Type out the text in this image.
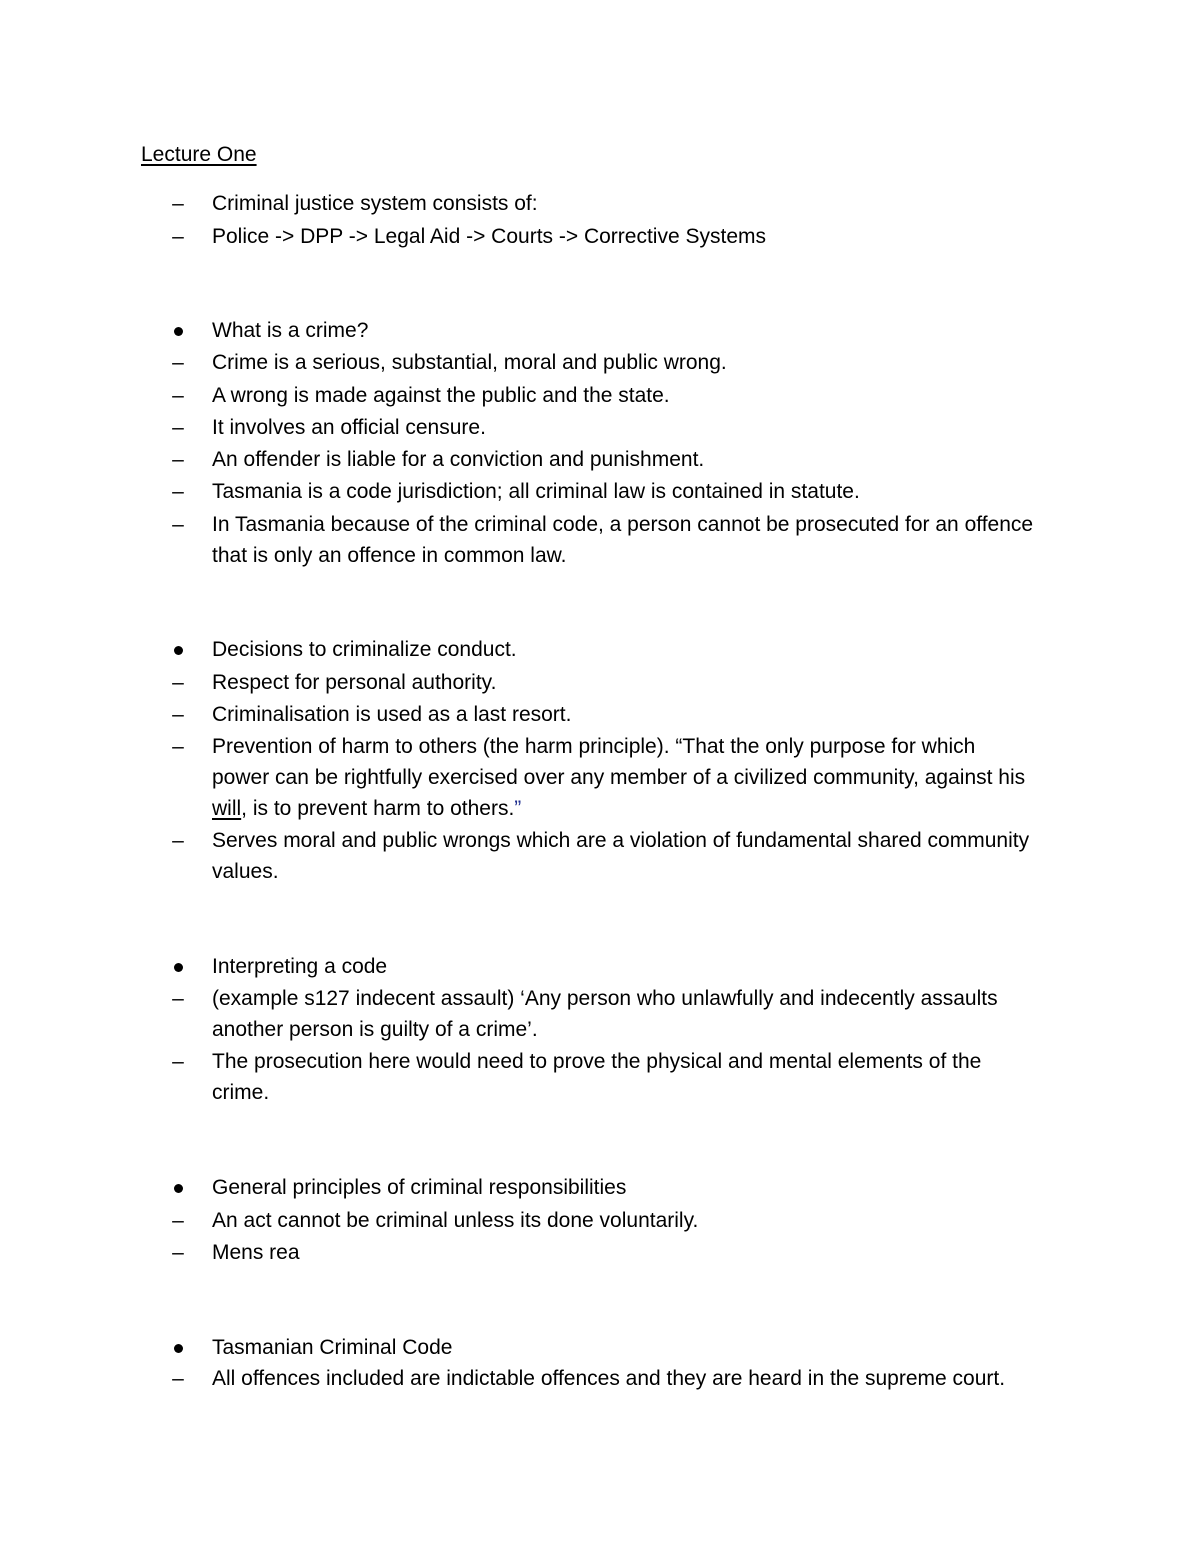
Lecture One
– Criminal justice system consists of:
– Police -> DPP -> Legal Aid -> Courts -> Corrective Systems
What is a crime?
– Crime is a serious, substantial, moral and public wrong.
– A wrong is made against the public and the state.
– It involves an official censure.
– An offender is liable for a conviction and punishment.
– Tasmania is a code jurisdiction; all criminal law is contained in statute.
– In Tasmania because of the criminal code, a person cannot be prosecuted for an offence
that is only an offence in common law.
Decisions to criminalize conduct.
– Respect for personal authority.
– Criminalisation is used as a last resort.
– Prevention of harm to others (the harm principle). “That the only purpose for which
power can be rightfully exercised over any member of a civilized community, against his
will, is to prevent harm to others.”
– Serves moral and public wrongs which are a violation of fundamental shared community
values.
Interpreting a code
– (example s127 indecent assault) ‘Any person who unlawfully and indecently assaults
another person is guilty of a crime’.
– The prosecution here would need to prove the physical and mental elements of the
crime.
General principles of criminal responsibilities
– An act cannot be criminal unless its done voluntarily.
– Mens rea
Tasmanian Criminal Code
– All offences included are indictable offences and they are heard in the supreme court.
